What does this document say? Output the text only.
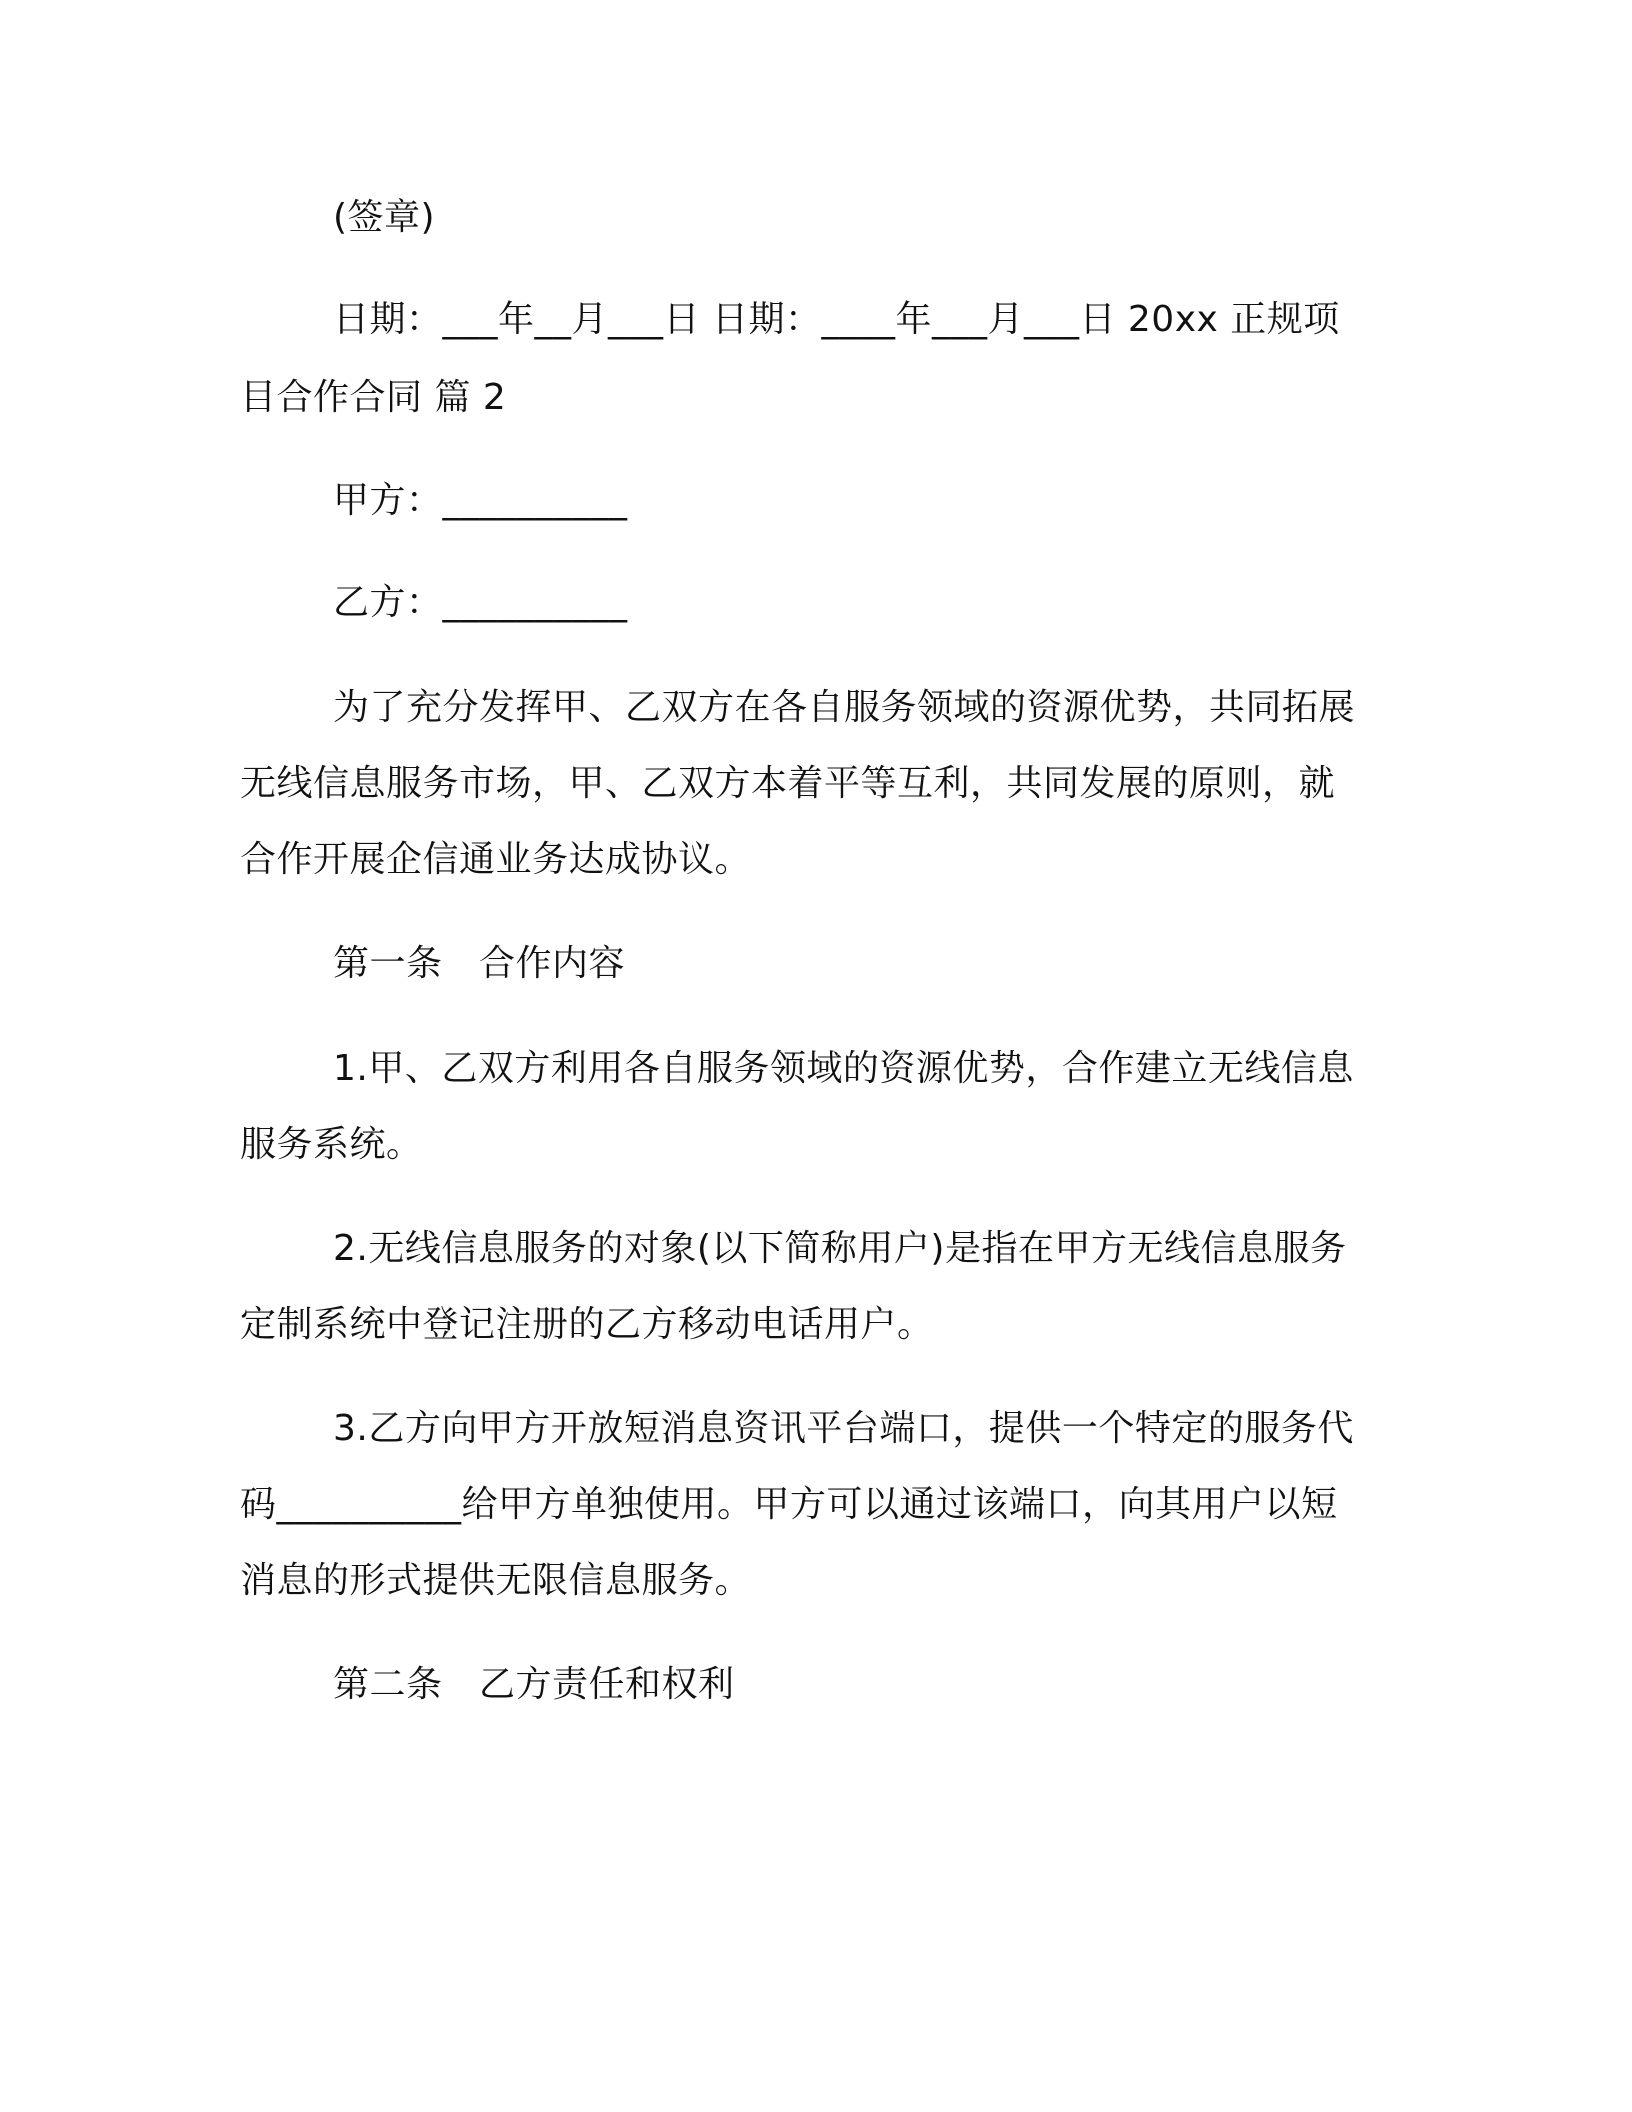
(签章)
日期：___年__月___日 日期：____年___月___日 20xx 正规项
目合作合同 篇 2
甲方：__________
乙方：__________
为了充分发挥甲、乙双方在各自服务领域的资源优势，共同拓展
无线信息服务市场，甲、乙双方本着平等互利，共同发展的原则，就
合作开展企信通业务达成协议。
第一条　合作内容
1.甲、乙双方利用各自服务领域的资源优势，合作建立无线信息
服务系统。
2.无线信息服务的对象(以下简称用户)是指在甲方无线信息服务
定制系统中登记注册的乙方移动电话用户。
3.乙方向甲方开放短消息资讯平台端口，提供一个特定的服务代
码__________给甲方单独使用。甲方可以通过该端口，向其用户以短
消息的形式提供无限信息服务。
第二条　乙方责任和权利
